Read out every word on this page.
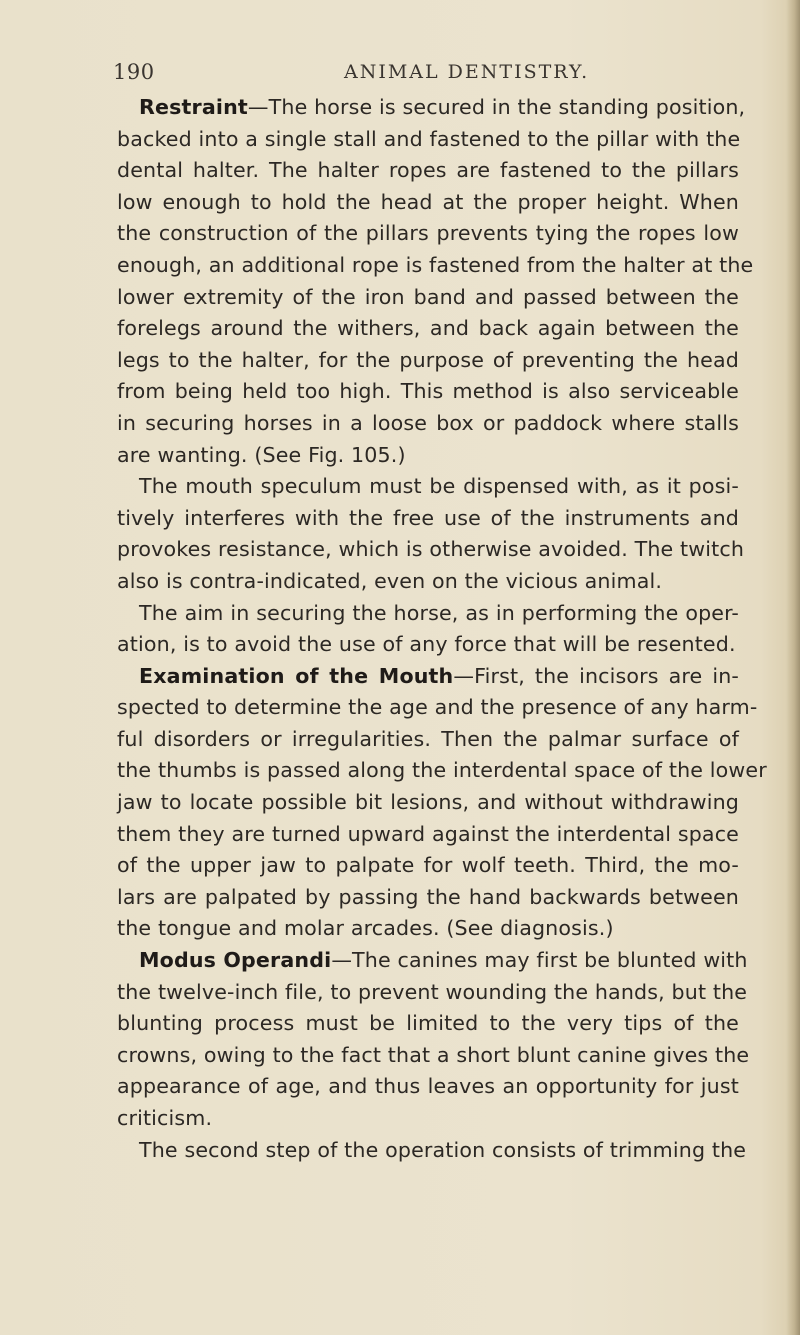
190	ANIMAL DENTISTRY.
Restraint—The horse is secured in the standing position,
backed into a single stall and fastened to the pillar with the
dental halter. The halter ropes are fastened to the pillars
low enough to hold the head at the proper height. When
the construction of the pillars prevents tying the ropes low
enough, an additional rope is fastened from the halter at the
lower extremity of the iron band and passed between the
forelegs around the withers, and back again between the
legs to the halter, for the purpose of preventing the head
from being held too high. This method is also serviceable
in securing horses in a loose box or paddock where stalls
are wanting. (See Fig. 105.)
The mouth speculum must be dispensed with, as it posi-
tively interferes with the free use of the instruments and
provokes resistance, which is otherwise avoided. The twitch
also is contra-indicated, even on the vicious animal.
The aim in securing the horse, as in performing the oper-
ation, is to avoid the use of any force that will be resented.
Examination of the Mouth—First, the incisors are in-
spected to determine the age and the presence of any harm-
ful disorders or irregularities. Then the palmar surface of
the thumbs is passed along the interdental space of the lower
jaw to locate possible bit lesions, and without withdrawing
them they are turned upward against the interdental space
of the upper jaw to palpate for wolf teeth. Third, the mo-
lars are palpated by passing the hand backwards between
the tongue and molar arcades. (See diagnosis.)
Modus Operandi—The canines may first be blunted with
the twelve-inch file, to prevent wounding the hands, but the
blunting process must be limited to the very tips of the
crowns, owing to the fact that a short blunt canine gives the
appearance of age, and thus leaves an opportunity for just
criticism.
The second step of the operation consists of trimming the
